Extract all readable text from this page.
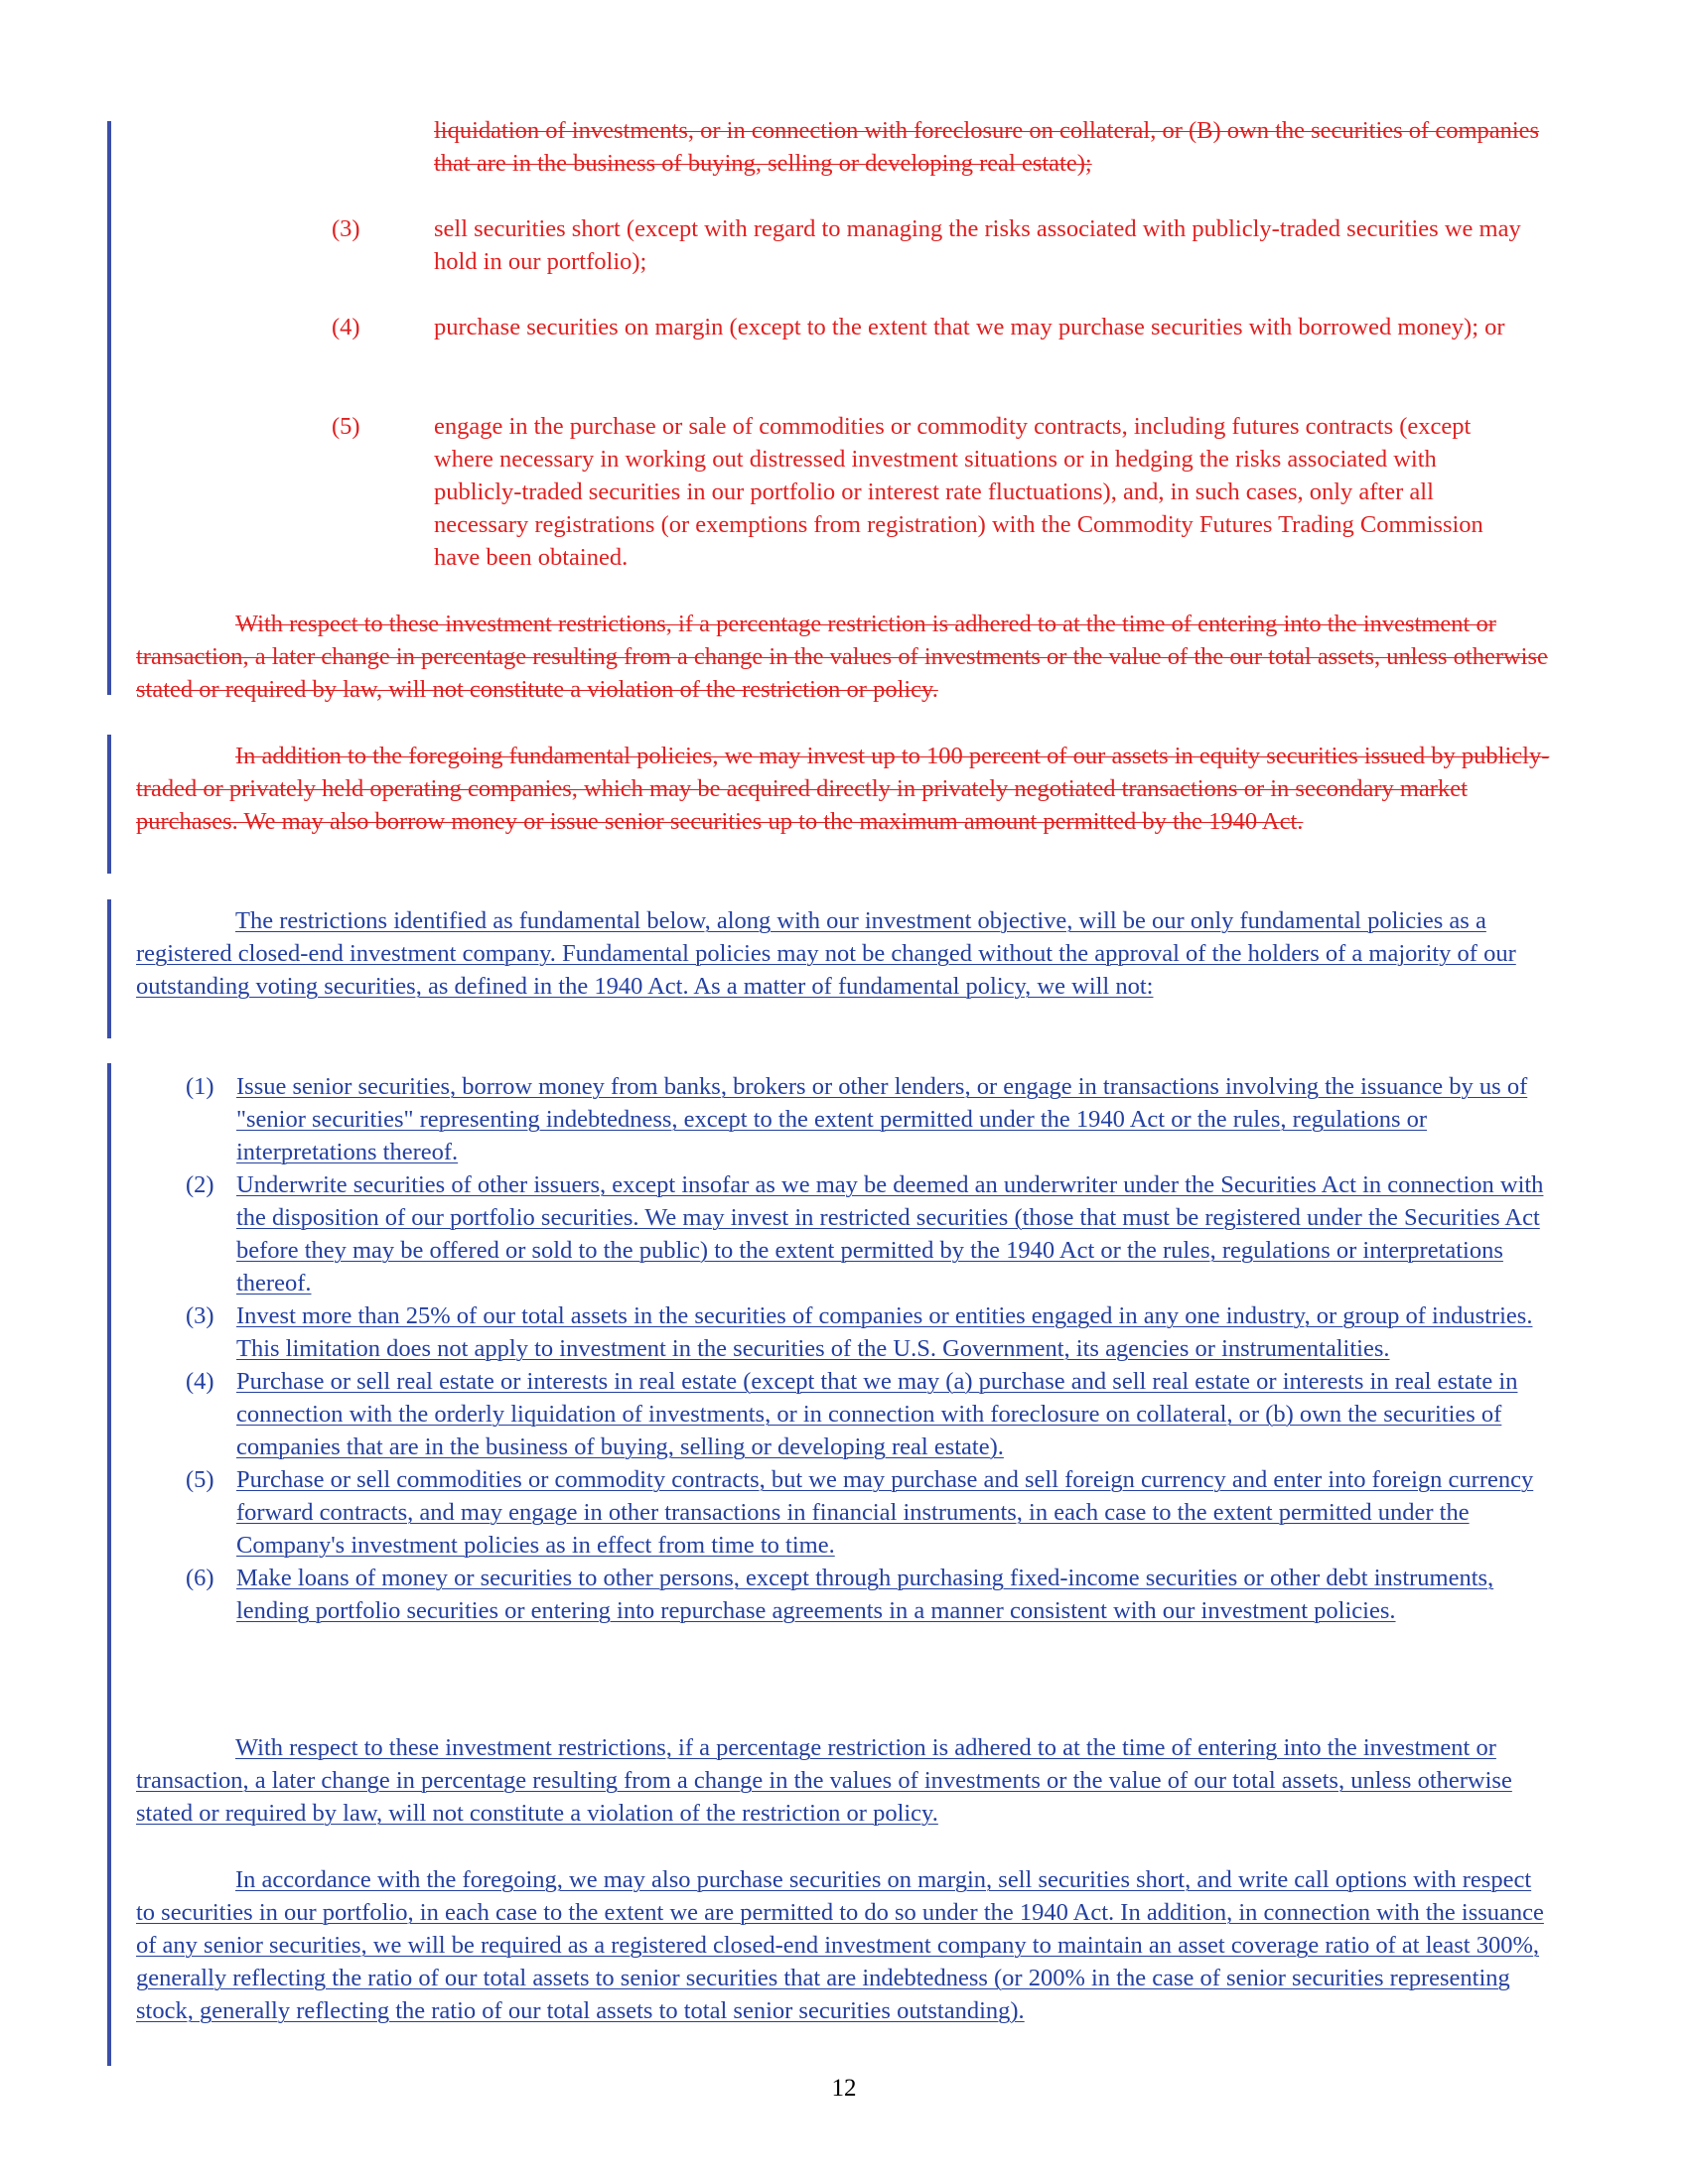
liquidation of investments, or in connection with foreclosure on collateral, or (B) own the securities of companies that are in the business of buying, selling or developing real estate);
(3)	sell securities short (except with regard to managing the risks associated with publicly-traded securities we may hold in our portfolio);
(4)	purchase securities on margin (except to the extent that we may purchase securities with borrowed money); or
(5)	engage in the purchase or sale of commodities or commodity contracts, including futures contracts (except where necessary in working out distressed investment situations or in hedging the risks associated with publicly-traded securities in our portfolio or interest rate fluctuations), and, in such cases, only after all necessary registrations (or exemptions from registration) with the Commodity Futures Trading Commission have been obtained.
With respect to these investment restrictions, if a percentage restriction is adhered to at the time of entering into the investment or transaction, a later change in percentage resulting from a change in the values of investments or the value of the our total assets, unless otherwise stated or required by law, will not constitute a violation of the restriction or policy.
In addition to the foregoing fundamental policies, we may invest up to 100 percent of our assets in equity securities issued by publicly-traded or privately held operating companies, which may be acquired directly in privately negotiated transactions or in secondary market purchases. We may also borrow money or issue senior securities up to the maximum amount permitted by the 1940 Act.
The restrictions identified as fundamental below, along with our investment objective, will be our only fundamental policies as a registered closed-end investment company. Fundamental policies may not be changed without the approval of the holders of a majority of our outstanding voting securities, as defined in the 1940 Act. As a matter of fundamental policy, we will not:
(1) Issue senior securities, borrow money from banks, brokers or other lenders, or engage in transactions involving the issuance by us of "senior securities" representing indebtedness, except to the extent permitted under the 1940 Act or the rules, regulations or interpretations thereof.
(2) Underwrite securities of other issuers, except insofar as we may be deemed an underwriter under the Securities Act in connection with the disposition of our portfolio securities. We may invest in restricted securities (those that must be registered under the Securities Act before they may be offered or sold to the public) to the extent permitted by the 1940 Act or the rules, regulations or interpretations thereof.
(3) Invest more than 25% of our total assets in the securities of companies or entities engaged in any one industry, or group of industries. This limitation does not apply to investment in the securities of the U.S. Government, its agencies or instrumentalities.
(4) Purchase or sell real estate or interests in real estate (except that we may (a) purchase and sell real estate or interests in real estate in connection with the orderly liquidation of investments, or in connection with foreclosure on collateral, or (b) own the securities of companies that are in the business of buying, selling or developing real estate).
(5) Purchase or sell commodities or commodity contracts, but we may purchase and sell foreign currency and enter into foreign currency forward contracts, and may engage in other transactions in financial instruments, in each case to the extent permitted under the Company's investment policies as in effect from time to time.
(6) Make loans of money or securities to other persons, except through purchasing fixed-income securities or other debt instruments, lending portfolio securities or entering into repurchase agreements in a manner consistent with our investment policies.
With respect to these investment restrictions, if a percentage restriction is adhered to at the time of entering into the investment or transaction, a later change in percentage resulting from a change in the values of investments or the value of our total assets, unless otherwise stated or required by law, will not constitute a violation of the restriction or policy.
In accordance with the foregoing, we may also purchase securities on margin, sell securities short, and write call options with respect to securities in our portfolio, in each case to the extent we are permitted to do so under the 1940 Act. In addition, in connection with the issuance of any senior securities, we will be required as a registered closed-end investment company to maintain an asset coverage ratio of at least 300%, generally reflecting the ratio of our total assets to senior securities that are indebtedness (or 200% in the case of senior securities representing stock, generally reflecting the ratio of our total assets to total senior securities outstanding).
12
